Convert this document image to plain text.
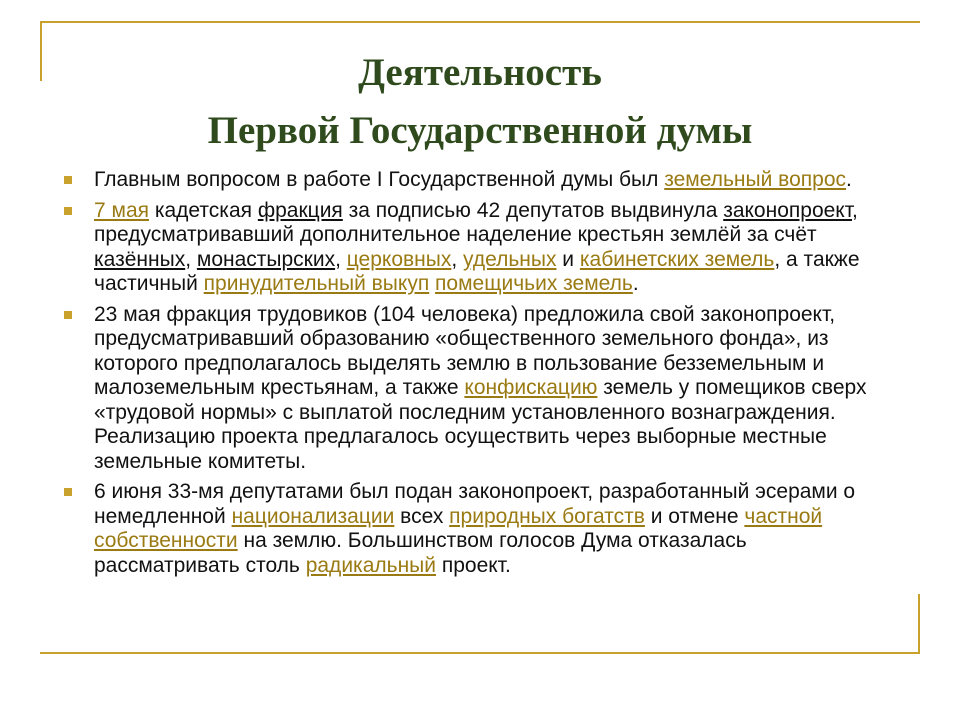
Деятельность
Первой Государственной думы
Главным вопросом в работе I Государственной думы был земельный вопрос.
7 мая кадетская фракция за подписью 42 депутатов выдвинула законопроект, предусматривавший дополнительное наделение крестьян землёй за счёт казённых, монастырских, церковных, удельных и кабинетских земель, а также частичный принудительный выкуп помещичьих земель.
23 мая фракция трудовиков (104 человека) предложила свой законопроект, предусматривавший образованию «общественного земельного фонда», из которого предполагалось выделять землю в пользование безземельным и малоземельным крестьянам, а также конфискацию земель у помещиков сверх «трудовой нормы» с выплатой последним установленного вознаграждения. Реализацию проекта предлагалось осуществить через выборные местные земельные комитеты.
6 июня 33-мя депутатами был подан законопроект, разработанный эсерами о немедленной национализации всех природных богатств и отмене частной собственности на землю. Большинством голосов Дума отказалась рассматривать столь радикальный проект.
